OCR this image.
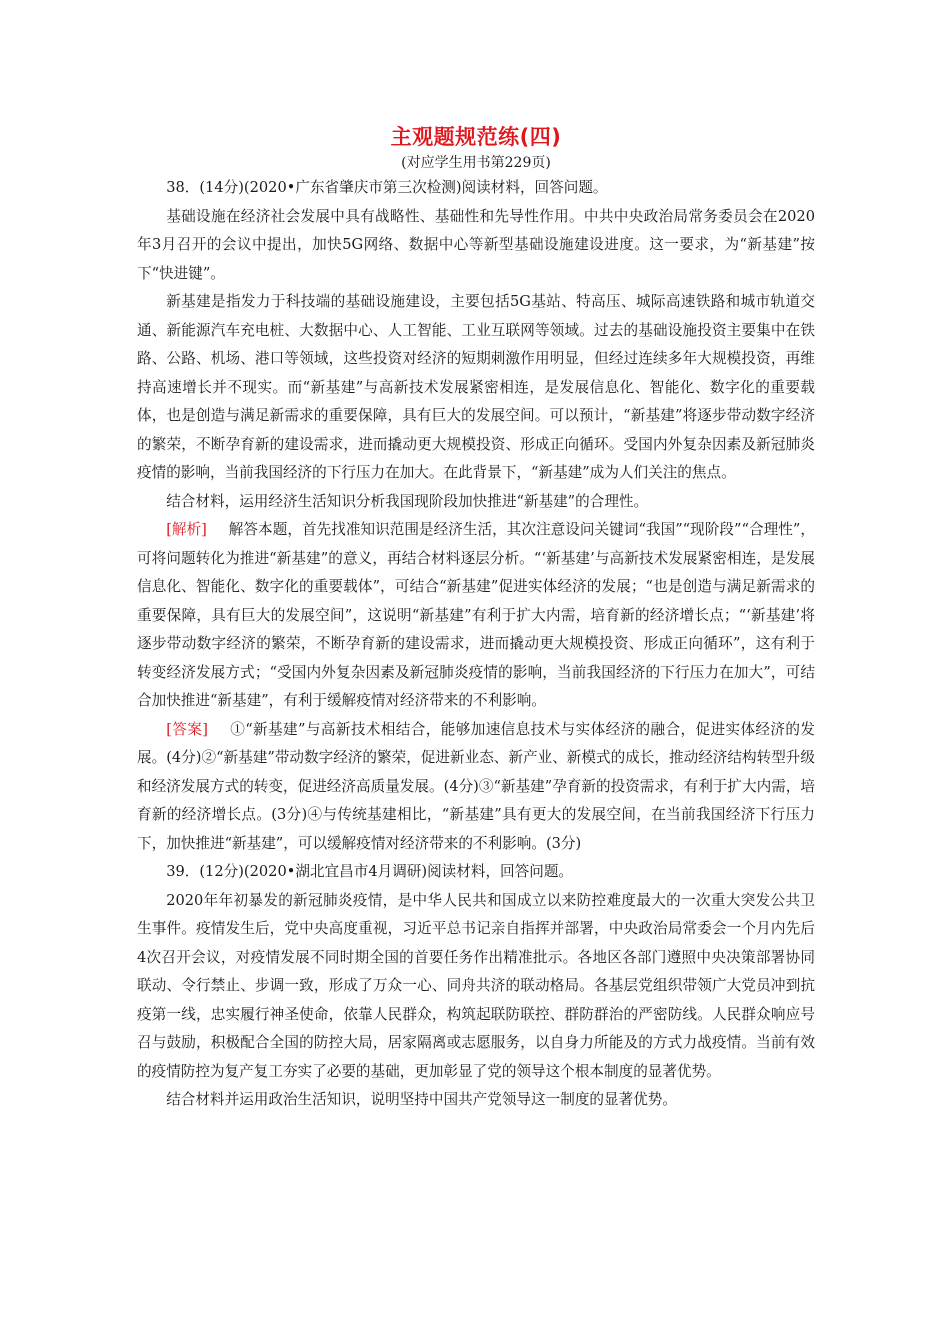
主观题规范练(四)
(对应学生用书第229页)

38．(14分)(2020•广东省肇庆市第三次检测)阅读材料，回答问题。

基础设施在经济社会发展中具有战略性、基础性和先导性作用。中共中央政治局常务委员会在2020年3月召开的会议中提出，加快5G网络、数据中心等新型基础设施建设进度。这一要求，为“新基建”按下“快进键”。

新基建是指发力于科技端的基础设施建设，主要包括5G基站、特高压、城际高速铁路和城市轨道交通、新能源汽车充电桩、大数据中心、人工智能、工业互联网等领域。过去的基础设施投资主要集中在铁路、公路、机场、港口等领域，这些投资对经济的短期刺激作用明显，但经过连续多年大规模投资，再维持高速增长并不现实。而“新基建”与高新技术发展紧密相连，是发展信息化、智能化、数字化的重要载体，也是创造与满足新需求的重要保障，具有巨大的发展空间。可以预计，“新基建”将逐步带动数字经济的繁荣，不断孕育新的建设需求，进而撬动更大规模投资、形成正向循环。受国内外复杂因素及新冠肺炎疫情的影响，当前我国经济的下行压力在加大。在此背景下，“新基建”成为人们关注的焦点。

结合材料，运用经济生活知识分析我国现阶段加快推进“新基建”的合理性。

[解析] 解答本题，首先找准知识范围是经济生活，其次注意设问关键词“我国”“现阶段”“合理性”，可将问题转化为推进“新基建”的意义，再结合材料逐层分析。“‘新基建’与高新技术发展紧密相连，是发展信息化、智能化、数字化的重要载体”，可结合“新基建”促进实体经济的发展；“也是创造与满足新需求的重要保障，具有巨大的发展空间”，这说明“新基建”有利于扩大内需，培育新的经济增长点；“‘新基建’将逐步带动数字经济的繁荣，不断孕育新的建设需求，进而撬动更大规模投资、形成正向循环”，这有利于转变经济发展方式；“受国内外复杂因素及新冠肺炎疫情的影响，当前我国经济的下行压力在加大”，可结合加快推进“新基建”，有利于缓解疫情对经济带来的不利影响。

[答案] ①“新基建”与高新技术相结合，能够加速信息技术与实体经济的融合，促进实体经济的发展。(4分)②“新基建”带动数字经济的繁荣，促进新业态、新产业、新模式的成长，推动经济结构转型升级和经济发展方式的转变，促进经济高质量发展。(4分)③“新基建”孕育新的投资需求，有利于扩大内需，培育新的经济增长点。(3分)④与传统基建相比，“新基建”具有更大的发展空间，在当前我国经济下行压力下，加快推进“新基建”，可以缓解疫情对经济带来的不利影响。(3分)

39．(12分)(2020•湖北宜昌市4月调研)阅读材料，回答问题。

2020年年初暴发的新冠肺炎疫情，是中华人民共和国成立以来防控难度最大的一次重大突发公共卫生事件。疫情发生后，党中央高度重视，习近平总书记亲自指挥并部署，中央政治局常委会一个月内先后4次召开会议，对疫情发展不同时期全国的首要任务作出精准批示。各地区各部门遵照中央决策部署协同联动、令行禁止、步调一致，形成了万众一心、同舟共济的联动格局。各基层党组织带领广大党员冲到抗疫第一线，忠实履行神圣使命，依靠人民群众，构筑起联防联控、群防群治的严密防线。人民群众响应号召与鼓励，积极配合全国的防控大局，居家隔离或志愿服务，以自身力所能及的方式力战疫情。当前有效的疫情防控为复产复工夯实了必要的基础，更加彰显了党的领导这个根本制度的显著优势。

结合材料并运用政治生活知识，说明坚持中国共产党领导这一制度的显著优势。
